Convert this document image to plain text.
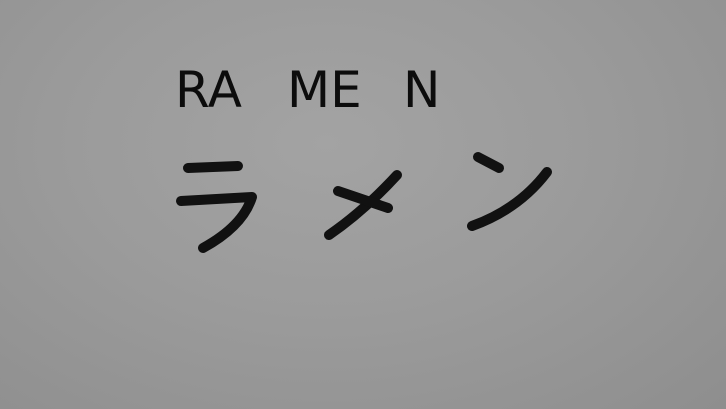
RA ME N
